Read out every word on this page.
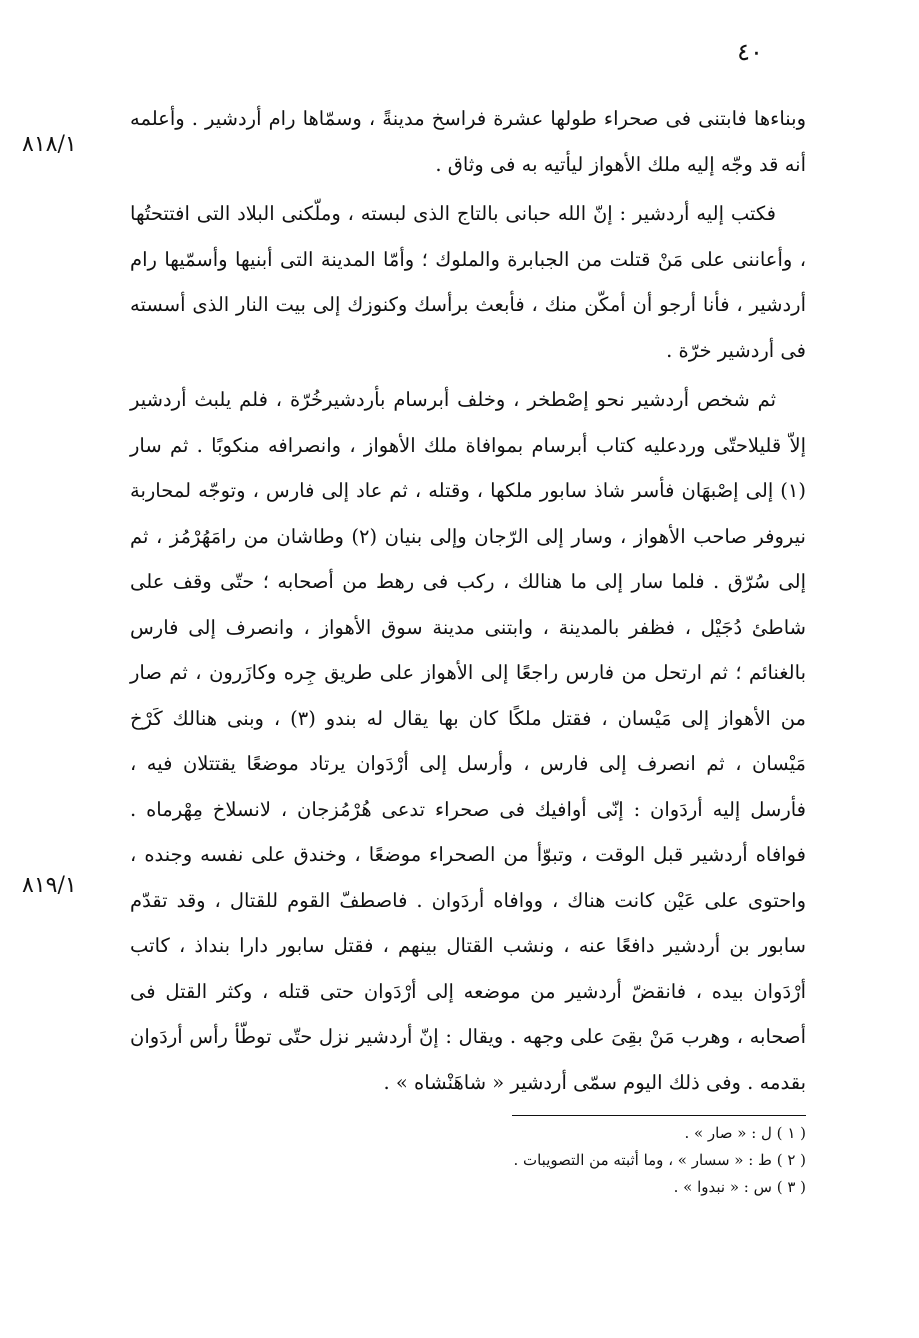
٤٠
٨١٨/١
٨١٩/١

وبناءها فابتنى فى صحراء طولها عشرة فراسخ مدينةً ، وسمّاها رام أردشير . وأعلمه أنه قد وجّه إليه ملك الأهواز ليأتيه به فى وثاق .

فكتب إليه أردشير : إنّ الله حبانى بالتاج الذى لبسته ، وملّكنى البلاد التى افتتحتُها ، وأعاننى على مَنْ قتلت من الجبابرة والملوك ؛ وأمّا المدينة التى أبنيها وأسمّيها رام أردشير ، فأنا أرجو أن أمكّن منك ، فأبعث برأسك وكنوزك إلى بيت النار الذى أسسته فى أردشير خرّة .

ثم شخص أردشير نحو إصْطخر ، وخلف أبرسام بأردشيرخُرّة ، فلم يلبث أردشير إلاّ قليلاحتّى وردعليه كتاب أبرسام بموافاة ملك الأهواز ، وانصرافه منكوبًا . ثم سار (١) إلى إصْبهَان فأسر شاذ سابور ملكها ، وقتله ، ثم عاد إلى فارس ، وتوجّه لمحاربة نيروفر صاحب الأهواز ، وسار إلى الرّجان وإلى بنيان (٢) وطاشان من رامَهُرْمُز ، ثم إلى سُرّق . فلما سار إلى ما هنالك ، ركب فى رهط من أصحابه ؛ حتّى وقف على شاطئ دُجَيْل ، فظفر بالمدينة ، وابتنى مدينة سوق الأهواز ، وانصرف إلى فارس بالغنائم ؛ ثم ارتحل من فارس راجعًا إلى الأهواز على طريق جِره وكازَرون ، ثم صار من الأهواز إلى مَيْسان ، فقتل ملكًا كان بها يقال له بندو (٣) ، وبنى هنالك كَرْخ مَيْسان ، ثم انصرف إلى فارس ، وأرسل إلى أرْدَوان يرتاد موضعًا يقتتلان فيه ، فأرسل إليه أردَوان : إنّى أوافيك فى صحراء تدعى هُرْمُزجان ، لانسلاخ مِهْرماه . فوافاه أردشير قبل الوقت ، وتبوّأ من الصحراء موضعًا ، وخندق على نفسه وجنده ، واحتوى على عَيْن كانت هناك ، ووافاه أردَوان . فاصطفّ القوم للقتال ، وقد تقدّم سابور بن أردشير دافعًا عنه ، ونشب القتال بينهم ، فقتل سابور دارا بنداذ ، كاتب أرْدَوان بيده ، فانقضّ أردشير من موضعه إلى أرْدَوان حتى قتله ، وكثر القتل فى أصحابه ، وهرب مَنْ بقِىَ على وجهه . ويقال : إنّ أردشير نزل حتّى توطّأ رأس أردَوان بقدمه . وفى ذلك اليوم سمّى أردشير « شاهَنْشاه » .

( ١ ) ل : « صار » .

( ٢ ) ط : « سسار » ، وما أثبته من التصويبات .

( ٣ ) س : « نبدوا » .
